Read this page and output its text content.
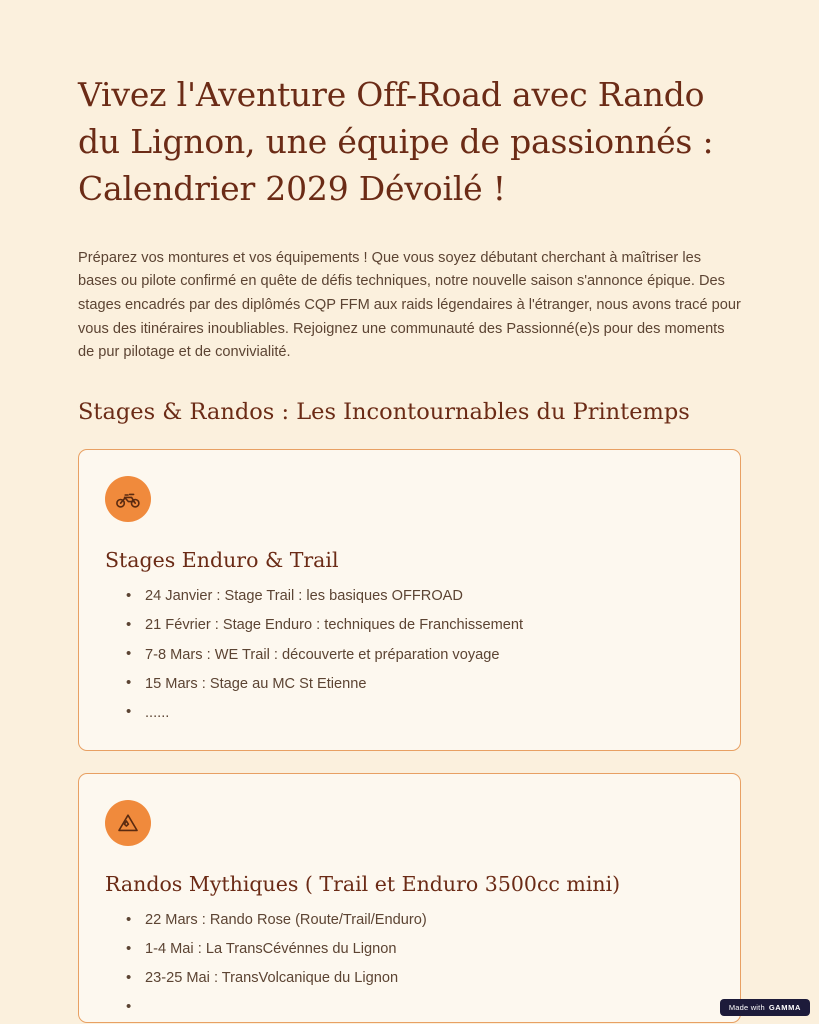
Vivez l'Aventure Off-Road avec Rando du Lignon, une équipe de passionnés : Calendrier 2029 Dévoilé !

Préparez vos montures et vos équipements ! Que vous soyez débutant cherchant à maîtriser les bases ou pilote confirmé en quête de défis techniques, notre nouvelle saison s'annonce épique. Des stages encadrés par des diplômés CQP FFM aux raids légendaires à l'étranger, nous avons tracé pour vous des itinéraires inoubliables. Rejoignez une communauté des Passionné(e)s pour des moments de pur pilotage et de convivialité.

Stages & Randos : Les Incontournables du Printemps
Stages Enduro & Trail
• 24 Janvier : Stage Trail : les basiques OFFROAD
• 21 Février : Stage Enduro : techniques de Franchissement
• 7-8 Mars : WE Trail : découverte et préparation voyage
• 15 Mars : Stage au MC St Etienne
• ......
Randos Mythiques ( Trail et Enduro 3500cc mini)
• 22 Mars : Rando Rose (Route/Trail/Enduro)
• 1-4 Mai : La TransCévénnes du Lignon
• 23-25 Mai : TransVolcanique du Lignon
•
Made with GAMMA
